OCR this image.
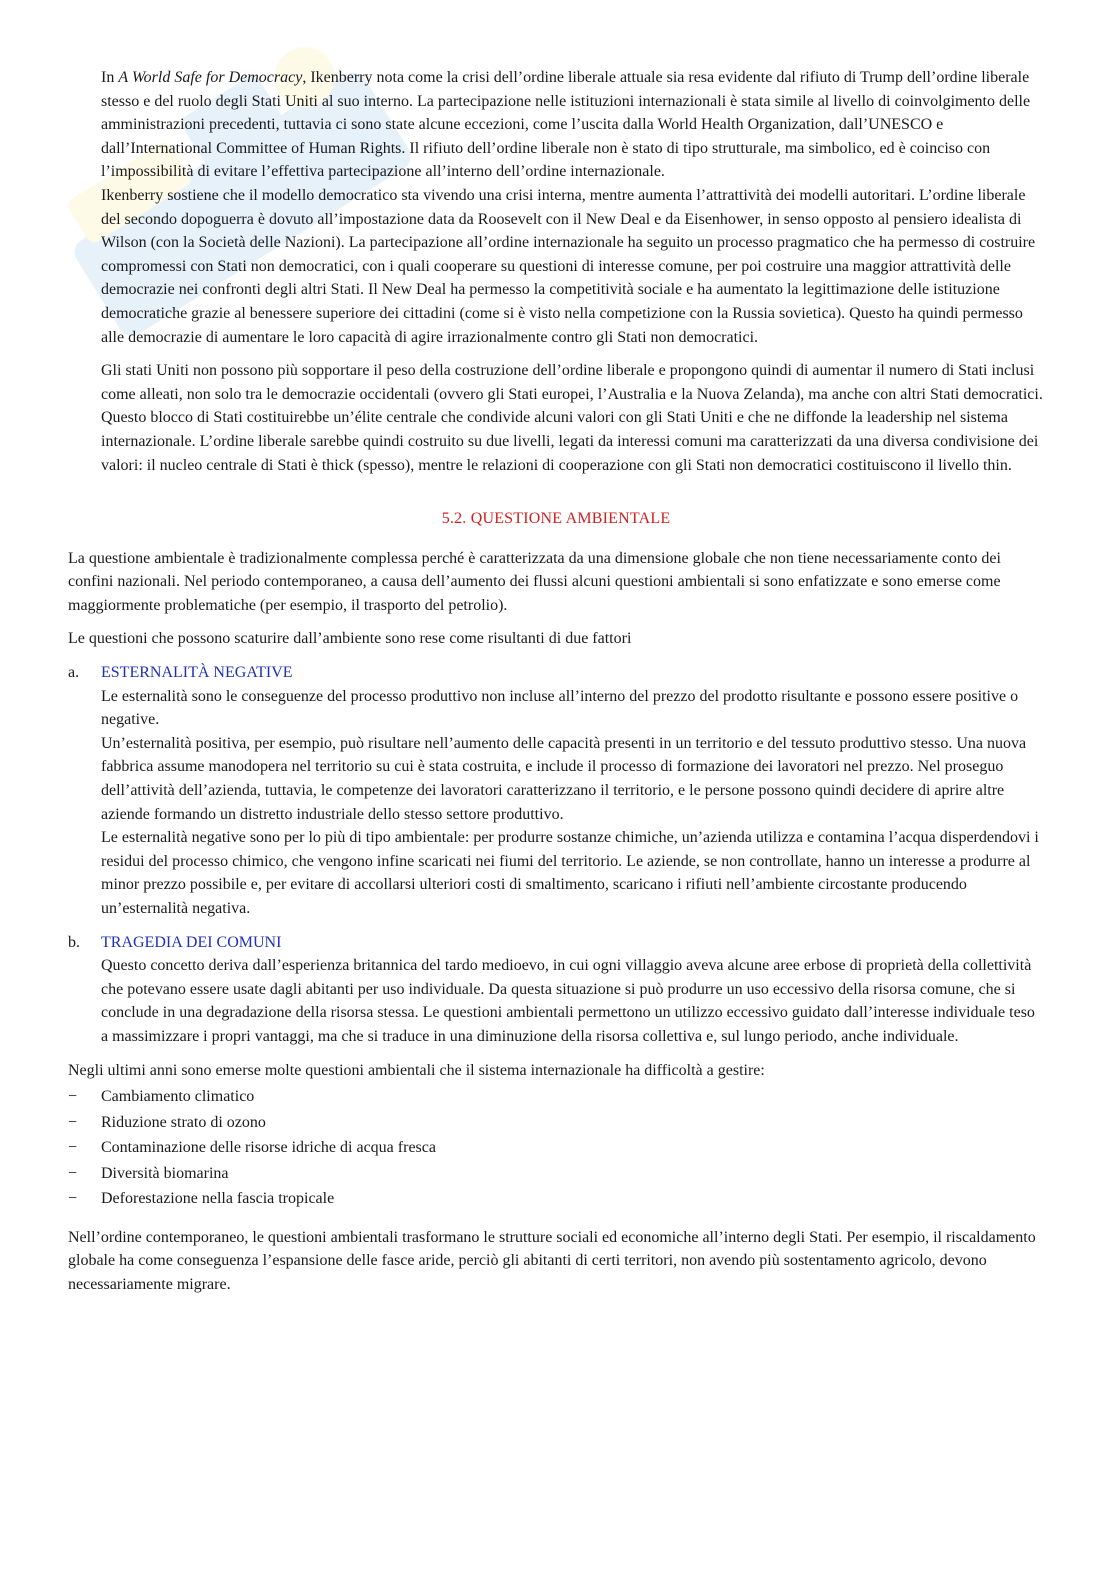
In A World Safe for Democracy, Ikenberry nota come la crisi dell’ordine liberale attuale sia resa evidente dal rifiuto di Trump dell’ordine liberale stesso e del ruolo degli Stati Uniti al suo interno. La partecipazione nelle istituzioni internazionali è stata simile al livello di coinvolgimento delle amministrazioni precedenti, tuttavia ci sono state alcune eccezioni, come l’uscita dalla World Health Organization, dall’UNESCO e dall’International Committee of Human Rights. Il rifiuto dell’ordine liberale non è stato di tipo strutturale, ma simbolico, ed è coinciso con l’impossibilità di evitare l’effettiva partecipazione all’interno dell’ordine internazionale.

Ikenberry sostiene che il modello democratico sta vivendo una crisi interna, mentre aumenta l’attrattività dei modelli autoritari. L’ordine liberale del secondo dopoguerra è dovuto all’impostazione data da Roosevelt con il New Deal e da Eisenhower, in senso opposto al pensiero idealista di Wilson (con la Società delle Nazioni). La partecipazione all’ordine internazionale ha seguito un processo pragmatico che ha permesso di costruire compromessi con Stati non democratici, con i quali cooperare su questioni di interesse comune, per poi costruire una maggior attrattività delle democrazie nei confronti degli altri Stati. Il New Deal ha permesso la competitività sociale e ha aumentato la legittimazione delle istituzione democratiche grazie al benessere superiore dei cittadini (come si è visto nella competizione con la Russia sovietica). Questo ha quindi permesso alle democrazie di aumentare le loro capacità di agire irrazionalmente contro gli Stati non democratici.

Gli stati Uniti non possono più sopportare il peso della costruzione dell’ordine liberale e propongono quindi di aumentar il numero di Stati inclusi come alleati, non solo tra le democrazie occidentali (ovvero gli Stati europei, l’Australia e la Nuova Zelanda), ma anche con altri Stati democratici. Questo blocco di Stati costituirebbe un’élite centrale che condivide alcuni valori con gli Stati Uniti e che ne diffonde la leadership nel sistema internazionale. L’ordine liberale sarebbe quindi costruito su due livelli, legati da interessi comuni ma caratterizzati da una diversa condivisione dei valori: il nucleo centrale di Stati è thick (spesso), mentre le relazioni di cooperazione con gli Stati non democratici costituiscono il livello thin.

5.2. QUESTIONE AMBIENTALE

La questione ambientale è tradizionalmente complessa perché è caratterizzata da una dimensione globale che non tiene necessariamente conto dei confini nazionali. Nel periodo contemporaneo, a causa dell’aumento dei flussi alcuni questioni ambientali si sono enfatizzate e sono emerse come maggiormente problematiche (per esempio, il trasporto del petrolio).

Le questioni che possono scaturire dall’ambiente sono rese come risultanti di due fattori

a. ESTERNALITÀ NEGATIVE

Le esternalità sono le conseguenze del processo produttivo non incluse all’interno del prezzo del prodotto risultante e possono essere positive o negative.

Un’esternalità positiva, per esempio, può risultare nell’aumento delle capacità presenti in un territorio e del tessuto produttivo stesso. Una nuova fabbrica assume manodopera nel territorio su cui è stata costruita, e include il processo di formazione dei lavoratori nel prezzo. Nel proseguo dell’attività dell’azienda, tuttavia, le competenze dei lavoratori caratterizzano il territorio, e le persone possono quindi decidere di aprire altre aziende formando un distretto industriale dello stesso settore produttivo.

Le esternalità negative sono per lo più di tipo ambientale: per produrre sostanze chimiche, un’azienda utilizza e contamina l’acqua disperdendovi i residui del processo chimico, che vengono infine scaricati nei fiumi del territorio. Le aziende, se non controllate, hanno un interesse a produrre al minor prezzo possibile e, per evitare di accollarsi ulteriori costi di smaltimento, scaricano i rifiuti nell’ambiente circostante producendo un’esternalità negativa.

b. TRAGEDIA DEI COMUNI

Questo concetto deriva dall’esperienza britannica del tardo medioevo, in cui ogni villaggio aveva alcune aree erbose di proprietà della collettività che potevano essere usate dagli abitanti per uso individuale. Da questa situazione si può produrre un uso eccessivo della risorsa comune, che si conclude in una degradazione della risorsa stessa. Le questioni ambientali permettono un utilizzo eccessivo guidato dall’interesse individuale teso a massimizzare i propri vantaggi, ma che si traduce in una diminuzione della risorsa collettiva e, sul lungo periodo, anche individuale.

Negli ultimi anni sono emerse molte questioni ambientali che il sistema internazionale ha difficoltà a gestire:

− Cambiamento climatico
− Riduzione strato di ozono
− Contaminazione delle risorse idriche di acqua fresca
− Diversità biomarina
− Deforestazione nella fascia tropicale

Nell’ordine contemporaneo, le questioni ambientali trasformano le strutture sociali ed economiche all’interno degli Stati. Per esempio, il riscaldamento globale ha come conseguenza l’espansione delle fasce aride, perciò gli abitanti di certi territori, non avendo più sostentamento agricolo, devono necessariamente migrare.
